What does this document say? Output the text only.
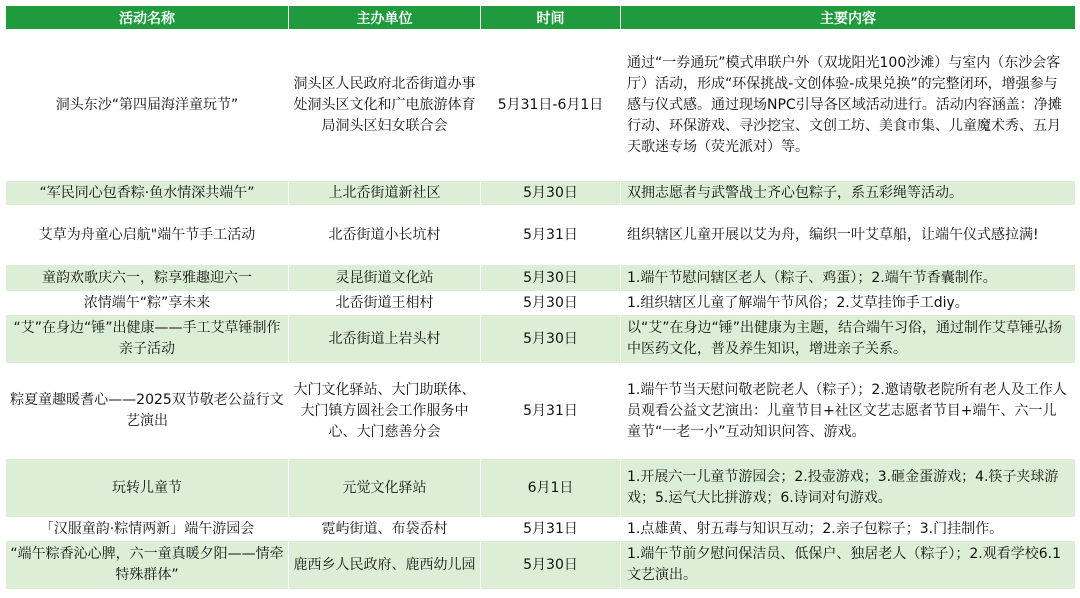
活动名称	主办单位	时间	主要内容
洞头东沙“第四届海洋童玩节”	洞头区人民政府北岙街道办事处洞头区文化和广电旅游体育局洞头区妇女联合会	5月31日-6月1日	通过“一券通玩”模式串联户外（双垅阳光100沙滩）与室内（东沙会客厅）活动，形成“环保挑战-文创体验-成果兑换”的完整闭环，增强参与感与仪式感。通过现场NPC引导各区域活动进行。活动内容涵盖：净摊行动、环保游戏、寻沙挖宝、文创工坊、美食市集、儿童魔术秀、五月天歌迷专场（荧光派对）等。
“军民同心包香粽·鱼水情深共端午”	上北岙街道新社区	5月30日	双拥志愿者与武警战士齐心包粽子，系五彩绳等活动。
艾草为舟童心启航"端午节手工活动	北岙街道小长坑村	5月31日	组织辖区儿童开展以艾为舟，编织一叶艾草船，让端午仪式感拉满!
童韵欢歌庆六一，粽享雅趣迎六一	灵昆街道文化站	5月30日	1.端午节慰问辖区老人（粽子、鸡蛋）；2.端午节香囊制作。
浓情端午“粽”享未来	北岙街道王相村	5月30日	1.组织辖区儿童了解端午节风俗；2.艾草挂饰手工diy。
“艾”在身边“锤”出健康——手工艾草锤制作亲子活动	北岙街道上岩头村	5月30日	以“艾”在身边“锤”出健康为主题，结合端午习俗，通过制作艾草锤弘扬中医药文化，普及养生知识，增进亲子关系。
粽夏童趣暖耆心——2025双节敬老公益行文艺演出	大门文化驿站、大门助联体、大门镇方圆社会工作服务中心、大门慈善分会	5月31日	1.端午节当天慰问敬老院老人（粽子）；2.邀请敬老院所有老人及工作人员观看公益文艺演出：儿童节目+社区文艺志愿者节目+端午、六一儿童节“一老一小”互动知识问答、游戏。
玩转儿童节	元觉文化驿站	6月1日	1.开展六一儿童节游园会；2.投壶游戏；3.砸金蛋游戏；4.筷子夹球游戏；5.运气大比拼游戏；6.诗词对句游戏。
「汉服童韵·粽情两新」端午游园会	霓屿街道、布袋岙村	5月31日	1.点雄黄、射五毒与知识互动；2.亲子包粽子；3.门挂制作。
“端午粽香沁心脾，六一童真暖夕阳——情牵特殊群体”	鹿西乡人民政府、鹿西幼儿园	5月30日	1.端午节前夕慰问保洁员、低保户、独居老人（粽子）；2.观看学校6.1文艺演出。
